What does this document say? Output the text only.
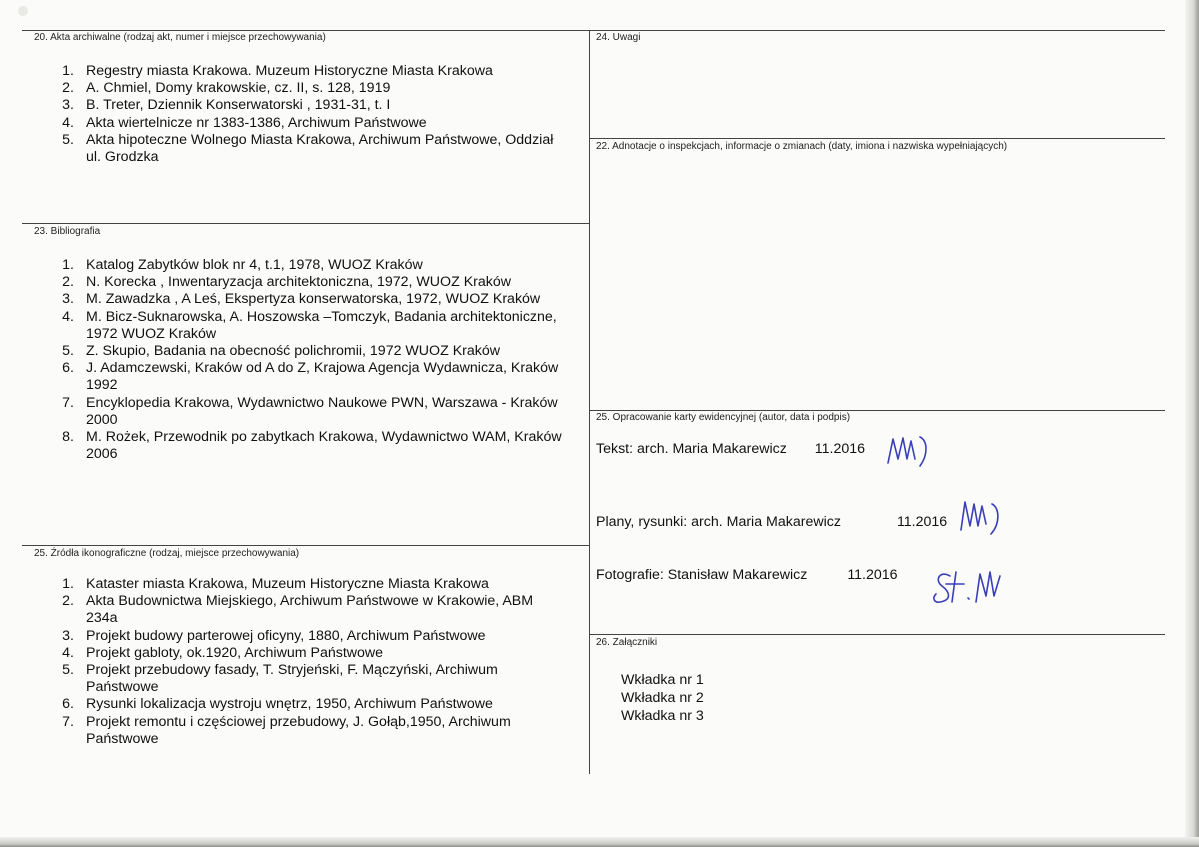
20. Akta archiwalne (rodzaj akt, numer i miejsce przechowywania)
1. Regestry miasta Krakowa. Muzeum Historyczne Miasta Krakowa
2. A. Chmiel, Domy krakowskie, cz. II, s. 128, 1919
3. B. Treter, Dziennik Konserwatorski , 1931-31, t. I
4. Akta wiertelnicze nr 1383-1386, Archiwum Państwowe
5. Akta hipoteczne Wolnego Miasta Krakowa, Archiwum Państwowe, Oddział ul. Grodzka
23. Bibliografia
1. Katalog Zabytków blok nr 4, t.1, 1978, WUOZ Kraków
2. N. Korecka , Inwentaryzacja architektoniczna, 1972, WUOZ Kraków
3. M. Zawadzka , A Leś, Ekspertyza konserwatorska, 1972, WUOZ Kraków
4. M. Bicz-Suknarowska, A. Hoszowska –Tomczyk, Badania architektoniczne, 1972 WUOZ Kraków
5. Z. Skupio, Badania na obecność polichromii, 1972 WUOZ Kraków
6. J. Adamczewski, Kraków od A do Z, Krajowa Agencja Wydawnicza, Kraków 1992
7. Encyklopedia Krakowa, Wydawnictwo Naukowe PWN, Warszawa - Kraków 2000
8. M. Rożek, Przewodnik po zabytkach Krakowa, Wydawnictwo WAM, Kraków 2006
25. Źródła ikonograficzne (rodzaj, miejsce przechowywania)
1. Kataster miasta Krakowa, Muzeum Historyczne Miasta Krakowa
2. Akta Budownictwa Miejskiego, Archiwum Państwowe w Krakowie, ABM 234a
3. Projekt budowy parterowej oficyny, 1880, Archiwum Państwowe
4. Projekt gabloty, ok.1920, Archiwum Państwowe
5. Projekt przebudowy fasady, T. Stryjeński, F. Mączyński, Archiwum Państwowe
6. Rysunki lokalizacja wystroju wnętrz, 1950, Archiwum Państwowe
7. Projekt remontu i częściowej przebudowy, J. Gołąb,1950, Archiwum Państwowe
24. Uwagi
22. Adnotacje o inspekcjach, informacje o zmianach (daty, imiona i nazwiska wypełniających)
25. Opracowanie karty ewidencyjnej (autor, data i podpis)
Tekst: arch. Maria Makarewicz 11.2016
Plany, rysunki: arch. Maria Makarewicz	11.2016
Fotografie: Stanisław Makarewicz	11.2016
26. Załączniki
Wkładka nr 1
Wkładka nr 2
Wkładka nr 3
